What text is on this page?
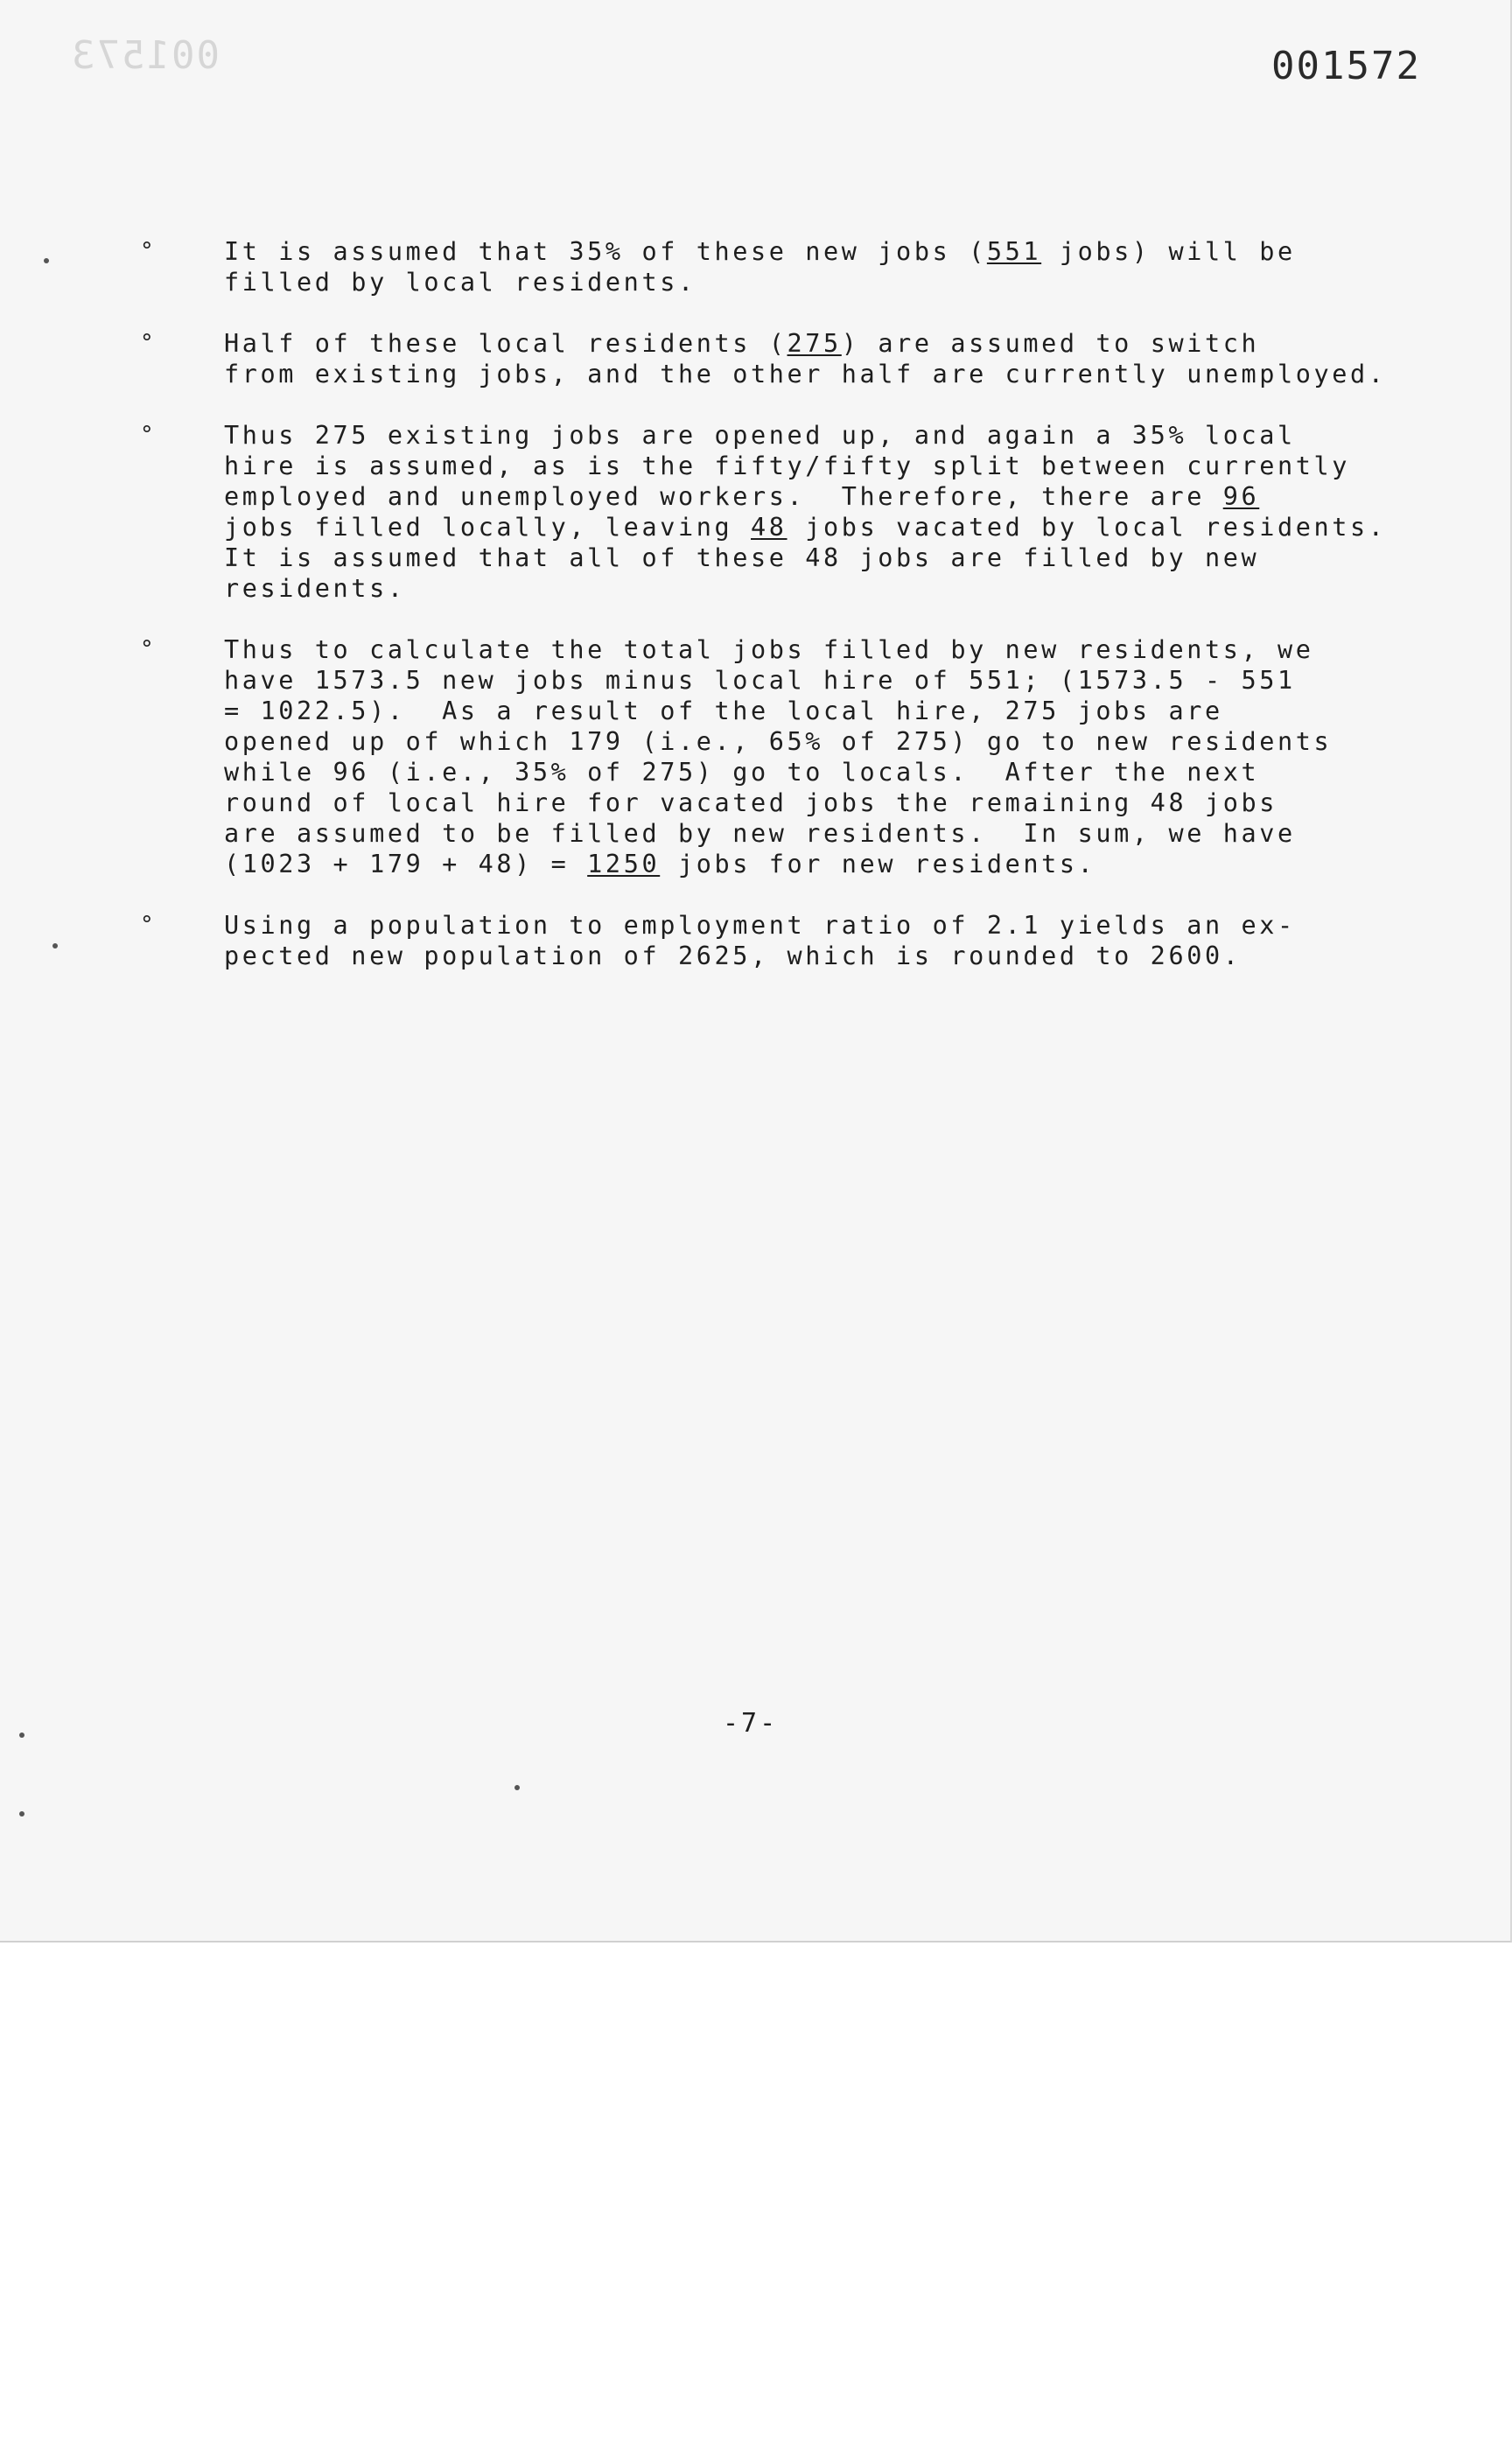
001573	001572
°	It is assumed that 35% of these new jobs (551 jobs) will be
filled by local residents.

°	Half of these local residents (275) are assumed to switch
from existing jobs, and the other half are currently unemployed.

°	Thus 275 existing jobs are opened up, and again a 35% local
hire is assumed, as is the fifty/fifty split between currently
employed and unemployed workers.  Therefore, there are 96
jobs filled locally, leaving 48 jobs vacated by local residents.
It is assumed that all of these 48 jobs are filled by new
residents.

°	Thus to calculate the total jobs filled by new residents, we
have 1573.5 new jobs minus local hire of 551; (1573.5 - 551
= 1022.5).  As a result of the local hire, 275 jobs are
opened up of which 179 (i.e., 65% of 275) go to new residents
while 96 (i.e., 35% of 275) go to locals.  After the next
round of local hire for vacated jobs the remaining 48 jobs
are assumed to be filled by new residents.  In sum, we have
(1023 + 179 + 48) = 1250 jobs for new residents.

°	Using a population to employment ratio of 2.1 yields an ex-
pected new population of 2625, which is rounded to 2600.

-7-
